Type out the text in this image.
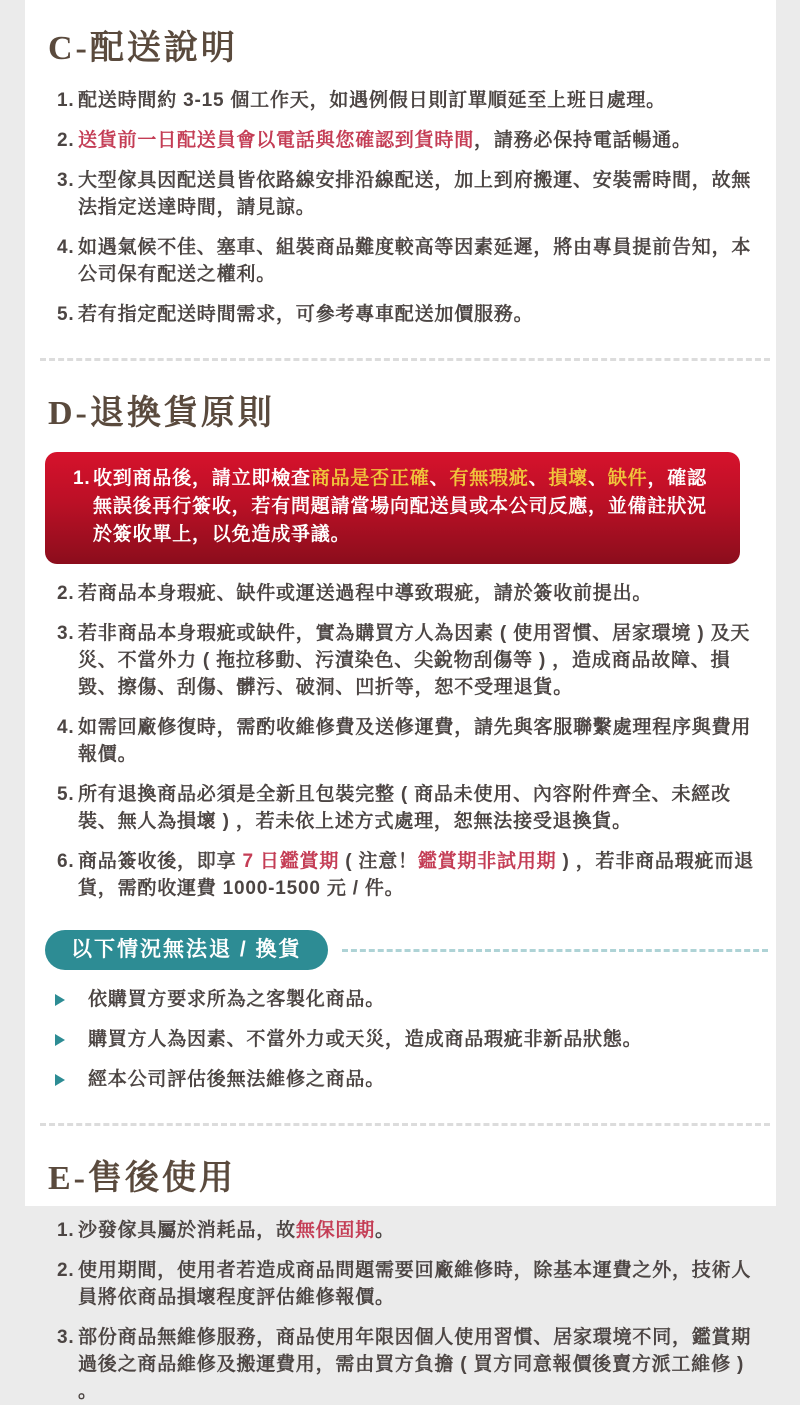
C-配送說明
1. 配送時間約 3-15 個工作天，如遇例假日則訂單順延至上班日處理。

2. 送貨前一日配送員會以電話與您確認到貨時間，請務必保持電話暢通。

3. 大型傢具因配送員皆依路線安排沿線配送，加上到府搬運、安裝需時間，故無法指定送達時間，請見諒。

4. 如遇氣候不佳、塞車、組裝商品難度較高等因素延遲，將由專員提前告知，本公司保有配送之權利。

5. 若有指定配送時間需求，可參考專車配送加價服務。

D-退換貨原則
1. 收到商品後，請立即檢查商品是否正確、有無瑕疵、損壞、缺件，確認無誤後再行簽收，若有問題請當場向配送員或本公司反應，並備註狀況於簽收單上，以免造成爭議。

2. 若商品本身瑕疵、缺件或運送過程中導致瑕疵，請於簽收前提出。

3. 若非商品本身瑕疵或缺件，實為購買方人為因素 ( 使用習慣、居家環境 ) 及天災、不當外力 ( 拖拉移動、污漬染色、尖銳物刮傷等 ) ，造成商品故障、損毀、擦傷、刮傷、髒污、破洞、凹折等，恕不受理退貨。

4. 如需回廠修復時，需酌收維修費及送修運費，請先與客服聯繫處理程序與費用報價。

5. 所有退換商品必須是全新且包裝完整 ( 商品未使用、內容附件齊全、未經改裝、無人為損壞 ) ，若未依上述方式處理，恕無法接受退換貨。

6. 商品簽收後，即享 7 日鑑賞期 ( 注意！鑑賞期非試用期 ) ，若非商品瑕疵而退貨，需酌收運費 1000-1500 元 / 件。

以下情況無法退 / 換貨

依購買方要求所為之客製化商品。

購買方人為因素、不當外力或天災，造成商品瑕疵非新品狀態。

經本公司評估後無法維修之商品。

E-售後使用
1. 沙發傢具屬於消耗品，故無保固期。

2. 使用期間，使用者若造成商品問題需要回廠維修時，除基本運費之外，技術人員將依商品損壞程度評估維修報價。

3. 部份商品無維修服務，商品使用年限因個人使用習慣、居家環境不同，鑑賞期過後之商品維修及搬運費用，需由買方負擔 ( 買方同意報價後賣方派工維修 ) 。
